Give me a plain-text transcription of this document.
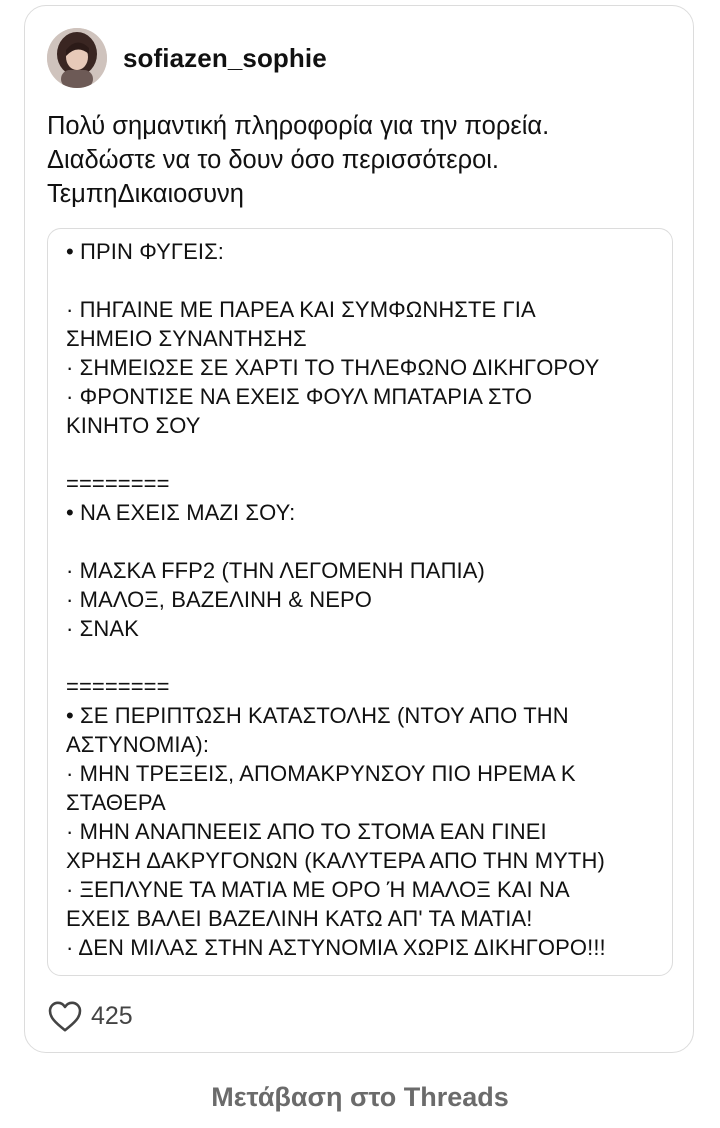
sofiazen_sophie
Πολύ σημαντική πληροφορία για την πορεία.
Διαδώστε να το δουν όσο περισσότεροι.
ΤεμπηΔικαιοσυνη
• ΠΡΙΝ ΦΥΓΕΙΣ:
· ΠΗΓΑΙΝΕ ΜΕ ΠΑΡΕΑ ΚΑΙ ΣΥΜΦΩΝΗΣΤΕ ΓΙΑ
ΣΗΜΕΙΟ ΣΥΝΑΝΤΗΣΗΣ
· ΣΗΜΕΙΩΣΕ ΣΕ ΧΑΡΤΙ ΤΟ ΤΗΛΕΦΩΝΟ ΔΙΚΗΓΟΡΟΥ
· ΦΡΟΝΤΙΣΕ ΝΑ ΕΧΕΙΣ ΦΟΥΛ ΜΠΑΤΑΡΙΑ ΣΤΟ
ΚΙΝΗΤΟ ΣΟΥ
========
• ΝΑ ΕΧΕΙΣ ΜΑΖΙ ΣΟΥ:
· ΜΑΣΚΑ FFP2 (ΤΗΝ ΛΕΓΟΜΕΝΗ ΠΑΠΙΑ)
· ΜΑΛΟΞ, ΒΑΖΕΛΙΝΗ & ΝΕΡΟ
· ΣΝΑΚ
========
• ΣΕ ΠΕΡΙΠΤΩΣΗ ΚΑΤΑΣΤΟΛΗΣ (ΝΤΟΥ ΑΠΟ ΤΗΝ
ΑΣΤΥΝΟΜΙΑ):
· ΜΗΝ ΤΡΕΞΕΙΣ, ΑΠΟΜΑΚΡΥΝΣΟΥ ΠΙΟ ΗΡΕΜΑ Κ
ΣΤΑΘΕΡΑ
· ΜΗΝ ΑΝΑΠΝΕΕΙΣ ΑΠΟ ΤΟ ΣΤΟΜΑ ΕΑΝ ΓΙΝΕΙ
ΧΡΗΣΗ ΔΑΚΡΥΓΟΝΩΝ (ΚΑΛΥΤΕΡΑ ΑΠΟ ΤΗΝ ΜΥΤΗ)
· ΞΕΠΛΥΝΕ ΤΑ ΜΑΤΙΑ ΜΕ ΟΡΟ Ή ΜΑΛΟΞ ΚΑΙ ΝΑ
ΕΧΕΙΣ ΒΑΛΕΙ ΒΑΖΕΛΙΝΗ ΚΑΤΩ ΑΠ' ΤΑ ΜΑΤΙΑ!
· ΔΕΝ ΜΙΛΑΣ ΣΤΗΝ ΑΣΤΥΝΟΜΙΑ ΧΩΡΙΣ ΔΙΚΗΓΟΡΟ!!!
425
Μετάβαση στο Threads
